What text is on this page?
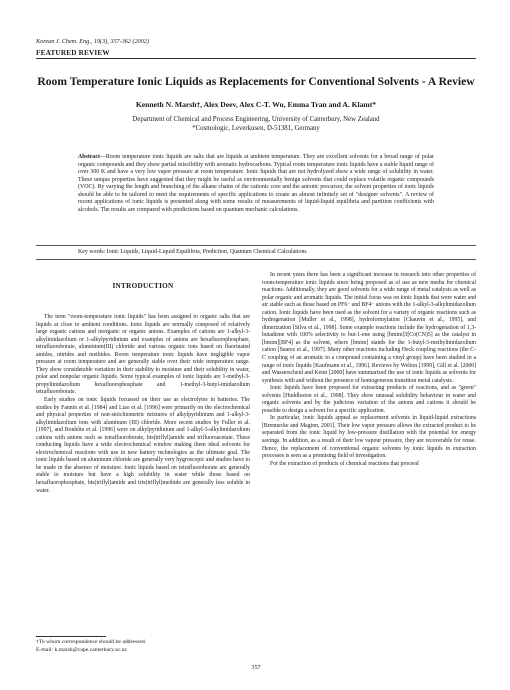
Korean J. Chem. Eng., 19(3), 357-362 (2002)
FEATURED REVIEW
Room Temperature Ionic Liquids as Replacements for Conventional Solvents - A Review
Kenneth N. Marsh†, Alex Deev, Alex C-T. Wu, Emma Tran and A. Klamt*
Department of Chemical and Process Engineering, University of Canterbury, New Zealand
*Cosmologic, Leverkusen, D-51381, Germany
Abstract—Room temperature ionic liquids are salts that are liquids at ambient temperature. They are excellent solvents for a broad range of polar organic compounds and they show partial miscibility with aromatic hydrocarbons. Typical room temperature ionic liquids have a stable liquid range of over 300 K and have a very low vapor pressure at room temperature. Ionic liquids that are not hydrolyzed show a wide range of solubility in water. These unique properties have suggested that they might be useful as environmentally benign solvents that could replace volatile organic compounds (VOC). By varying the length and branching of the alkane chains of the cationic core and the anionic precursor, the solvent properties of ionic liquids should be able to be tailored to meet the requirements of specific applications to create an almost infinitely set of "designer solvents". A review of recent applications of ionic liquids is presented along with some results of measurements of liquid-liquid equilibria and partition coefficients with alcohols. The results are compared with predictions based on quantum mechanic calculations.
Key words: Ionic Liquids, Liquid-Liquid Equilibria, Prediction, Quantum Chemical Calculations
INTRODUCTION

The term "room-temperature ionic liquids" has been assigned to organic salts that are liquids at close to ambient conditions. Ionic liquids are normally composed of relatively large organic cations and inorganic or organic anions. Examples of cations are 1-alkyl-3-alkylimidazolium or 1-alkylpyridinium and examples of anions are hexafluorophosphate, tetrafluoroborate, aluminium(III) chloride and various organic ions based on fluorinated amides, nitrides and methides. Room temperature ionic liquids have negligible vapor pressure at room temperature and are generally stable over their wide temperature range. They show considerable variation in their stability to moisture and their solubility in water, polar and nonpolar organic liquids. Some typical examples of ionic liquids are 1-methyl-3-propylimidazolium hexafluorophosphate and 1-methyl-3-butyl-imidazolium tetrafluoroborate.

Early studies on ionic liquids focussed on their use as electrolytes in batteries. The studies by Fannin et al. [1984] and Liao et al. [1996] were primarily on the electrochemical and physical properties of non-stoichiometric mixtures of alkylpyridinium and 1-alkyl-3-alkylimidazolium ions with aluminum (III) chloride. More recent studies by Fuller et al. [1997], and Bonhôte et al. [1996] were on alkylpyridinium and 1-alkyl-3-alkylimidazolium cations with anions such as tetrafluoroborate, bis(triflyl)amide and trifluoroacetate. These conducting liquids have a wide electrochemical window making them ideal solvents for electrochemical reactions with use in new battery technologies as the ultimate goal. The ionic liquids based on aluminum chloride are generally very hygroscopic and studies have to be made in the absence of moisture. Ionic liquids based on tetrafluoroborate are generally stable to moisture but have a high solubility in water while those based on hexafluorophosphate, bis(triflyl)amide and tris(triflyl)methide are generally less soluble in water.

In recent years there has been a significant increase in research into other properties of room-temperature ionic liquids since being proposed as of use as new media for chemical reactions. Additionally, they are good solvents for a wide range of metal catalysts as well as polar organic and aromatic liquids. The initial focus was on ionic liquids that were water and air stable such as those based on PF6⁻ and BF4⁻ anions with the 1-alkyl-3-alkylimidazolium cation. Ionic liquids have been used as the solvent for a variety of organic reactions such as hydrogenation [Muller et al., 1998], hydroformylation [Chauvin et al., 1995], and dimerization [Silva et al., 1998]. Some example reactions include the hydrogenation of 1,3-butadiene with 100% selectivity to but-1-ene using [bmim]3[Co(CN)5] as the catalyst in [bmim][BF4] as the solvent, where [bmim] stands for the 1-butyl-3-methylimidazolium cation [Suarez et al., 1997]. Many other reactions including Heck coupling reactions (the C-C coupling of an aromatic to a compound containing a vinyl group) have been studied in a range of ionic liquids [Kaufmann et al., 1996]. Reviews by Welton [1999], Gill et al. [2000] and Wasserscheid and Keim [2000] have summarized the use of ionic liquids as solvents for synthesis with and without the presence of homogeneous transition metal catalysts.

Ionic liquids have been proposed for extracting products of reactions, and as "green" solvents [Huddleston et al., 1998]. They show unusual solubility behaviour in water and organic solvents and by the judicious variation of the anions and cations it should be possible to design a solvent for a specific application.

In particular, ionic liquids appeal as replacement solvents in liquid-liquid extractions [Brennecke and Maginn, 2001]. Their low vapor pressure allows the extracted product to be separated from the ionic liquid by low-pressure distillation with the potential for energy savings. In addition, as a result of their low vapour pressure, they are recoverable for reuse. Hence, the replacement of conventional organic solvents by ionic liquids in extraction processes is seen as a promising field of investigation.

For the extraction of products of chemical reactions that proceed

†To whom correspondence should be addressed.
E-mail: k.marsh@cape.canterbury.ac.nz
357
